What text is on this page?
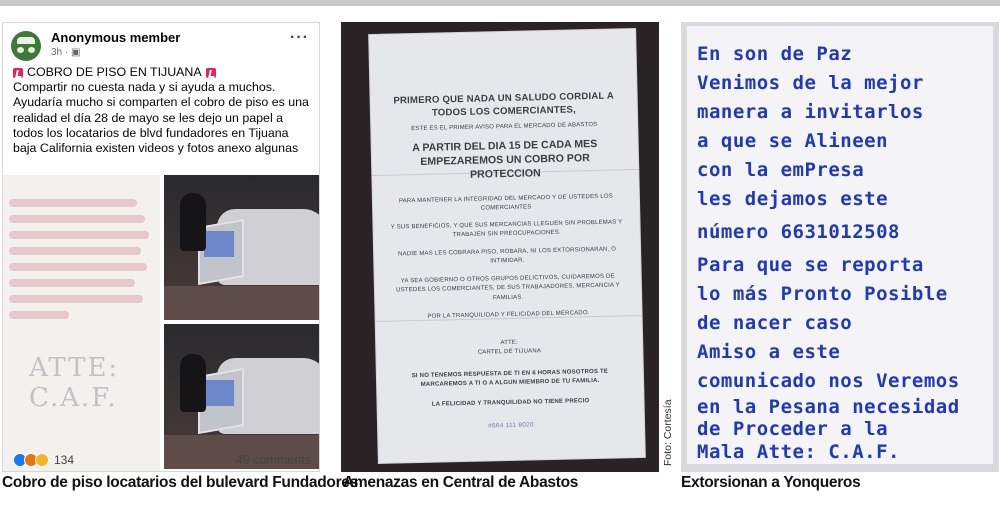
Anonymous member
3h · ▣
···
COBRO DE PISO EN TIJUANA
Compartir no cuesta nada y si ayuda a muchos. Ayudaría mucho si comparten el cobro de piso es una realidad el día 28 de mayo se les dejo un papel a todos los locatarios de blvd fundadores en Tijuana baja California existen videos y fotos anexo algunas
ATTE: C.A.F.
134	49 comments
PRIMERO QUE NADA UN SALUDO CORDIAL A TODOS LOS COMERCIANTES,
ESTE ES EL PRIMER AVISO PARA EL MERCADO DE ABASTOS
A PARTIR DEL DIA 15 DE CADA MES EMPEZAREMOS UN COBRO POR PROTECCION
PARA MANTENER LA INTEGRIDAD DEL MERCADO Y DE USTEDES LOS COMERCIANTES
Y SUS BENEFICIOS, Y QUE SUS MERCANCIAS LLEGUEN SIN PROBLEMAS Y TRABAJEN SIN PREOCUPACIONES.
NADIE MAS LES COBRARA PISO, ROBARA, NI LOS EXTORSIONARAN, O INTIMIDAR,
YA SEA GOBIERNO O OTROS GRUPOS DELICTIVOS, CUIDAREMOS DE USTEDES LOS COMERCIANTES, DE SUS TRABAJADORES, MERCANCIA Y FAMILIAS.
POR LA TRANQUILIDAD Y FELICIDAD DEL MERCADO.
ATTE:
CARTEL DE TIJUANA
SI NO TENEMOS RESPUESTA DE TI EN 6 HORAS NOSOTROS TE MARCAREMOS A TI O A ALGUN MIEMBRO DE TU FAMILIA.
LA FELICIDAD Y TRANQUILIDAD NO TIENE PRECIO
#664 111 8020
En son de Paz
Venimos de la mejor
manera a invitarlos
a que se Alineen
con la emPresa
les dejamos este
número 6631012508
Para que se reporta
lo más Pronto Posible
de nacer caso
Amiso a este
comunicado nos Veremos
en la Pesana necesidad
de Proceder a la
Mala Atte: C.A.F.
Foto: Cortesía
Cobro de piso locatarios del bulevard Fundadores
Amenazas en Central de Abastos	Extorsionan a Yonqueros
